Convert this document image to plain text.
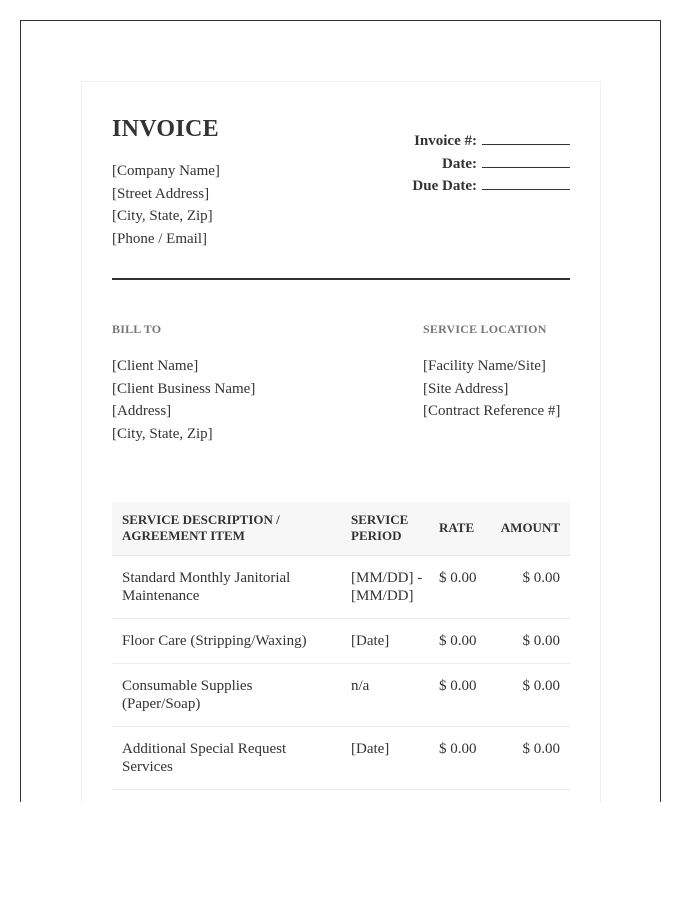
INVOICE
[Company Name]
[Street Address]
[City, State, Zip]
[Phone / Email]
Invoice #:
Date:
Due Date:
BILL TO
[Client Name]
[Client Business Name]
[Address]
[City, State, Zip]
SERVICE LOCATION
[Facility Name/Site]
[Site Address]
[Contract Reference #]
SERVICE DESCRIPTION / AGREEMENT ITEM	SERVICE PERIOD	RATE	AMOUNT
Standard Monthly Janitorial Maintenance	[MM/DD] - [MM/DD]	$ 0.00	$ 0.00
Floor Care (Stripping/Waxing)	[Date]	$ 0.00	$ 0.00
Consumable Supplies (Paper/Soap)	n/a	$ 0.00	$ 0.00
Additional Special Request Services	[Date]	$ 0.00	$ 0.00
